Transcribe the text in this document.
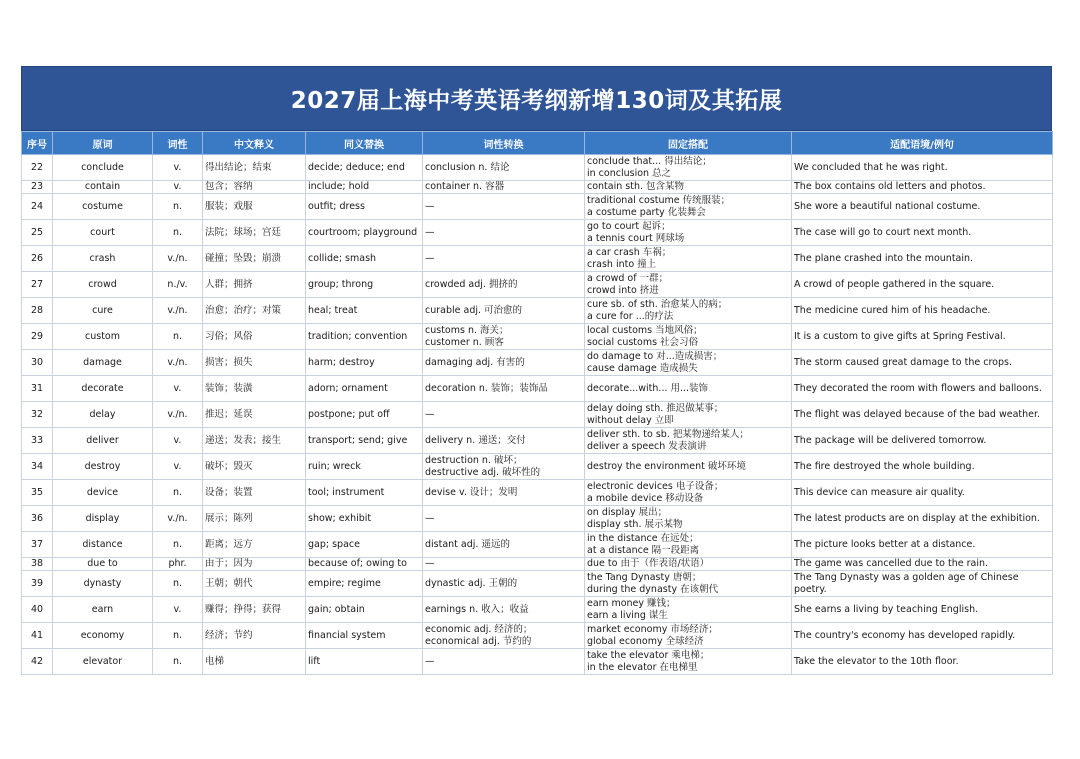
2027届上海中考英语考纲新增130词及其拓展
序号	原词	词性	中文释义	同义替换	词性转换	固定搭配	适配语境/例句
22	conclude	v.	得出结论；结束	decide; deduce; end	conclusion n. 结论	conclude that... 得出结论；
in conclusion 总之	We concluded that he was right.
23	contain	v.	包含；容纳	include; hold	container n. 容器	contain sth. 包含某物	The box contains old letters and photos.
24	costume	n.	服装；戏服	outfit; dress	—	traditional costume 传统服装；
a costume party 化装舞会	She wore a beautiful national costume.
25	court	n.	法院；球场；宫廷	courtroom; playground	—	go to court 起诉；
a tennis court 网球场	The case will go to court next month.
26	crash	v./n.	碰撞；坠毁；崩溃	collide; smash	—	a car crash 车祸；
crash into 撞上	The plane crashed into the mountain.
27	crowd	n./v.	人群；拥挤	group; throng	crowded adj. 拥挤的	a crowd of 一群；
crowd into 挤进	A crowd of people gathered in the square.
28	cure	v./n.	治愈；治疗；对策	heal; treat	curable adj. 可治愈的	cure sb. of sth. 治愈某人的病；
a cure for ...的疗法	The medicine cured him of his headache.
29	custom	n.	习俗；风俗	tradition; convention	customs n. 海关；
customer n. 顾客	local customs 当地风俗；
social customs 社会习俗	It is a custom to give gifts at Spring Festival.
30	damage	v./n.	损害；损失	harm; destroy	damaging adj. 有害的	do damage to 对...造成损害；
cause damage 造成损失	The storm caused great damage to the crops.
31	decorate	v.	装饰；装潢	adorn; ornament	decoration n. 装饰；装饰品	decorate...with... 用...装饰	They decorated the room with flowers and balloons.
32	delay	v./n.	推迟；延误	postpone; put off	—	delay doing sth. 推迟做某事；
without delay 立即	The flight was delayed because of the bad weather.
33	deliver	v.	递送；发表；接生	transport; send; give	delivery n. 递送；交付	deliver sth. to sb. 把某物递给某人；
deliver a speech 发表演讲	The package will be delivered tomorrow.
34	destroy	v.	破坏；毁灭	ruin; wreck	destruction n. 破坏；
destructive adj. 破坏性的	destroy the environment 破坏环境	The fire destroyed the whole building.
35	device	n.	设备；装置	tool; instrument	devise v. 设计；发明	electronic devices 电子设备；
a mobile device 移动设备	This device can measure air quality.
36	display	v./n.	展示；陈列	show; exhibit	—	on display 展出；
display sth. 展示某物	The latest products are on display at the exhibition.
37	distance	n.	距离；远方	gap; space	distant adj. 遥远的	in the distance 在远处；
at a distance 隔一段距离	The picture looks better at a distance.
38	due to	phr.	由于；因为	because of; owing to	—	due to 由于（作表语/状语）	The game was cancelled due to the rain.
39	dynasty	n.	王朝；朝代	empire; regime	dynastic adj. 王朝的	the Tang Dynasty 唐朝；
during the dynasty 在该朝代	The Tang Dynasty was a golden age of Chinese
poetry.

40	earn	v.	赚得；挣得；获得	gain; obtain	earnings n. 收入；收益	earn money 赚钱；
earn a living 谋生	She earns a living by teaching English.
41	economy	n.	经济；节约	financial system	economic adj. 经济的；
economical adj. 节约的	market economy 市场经济；
global economy 全球经济	The country's economy has developed rapidly.
42	elevator	n.	电梯	lift	—	take the elevator 乘电梯；
in the elevator 在电梯里	Take the elevator to the 10th floor.
